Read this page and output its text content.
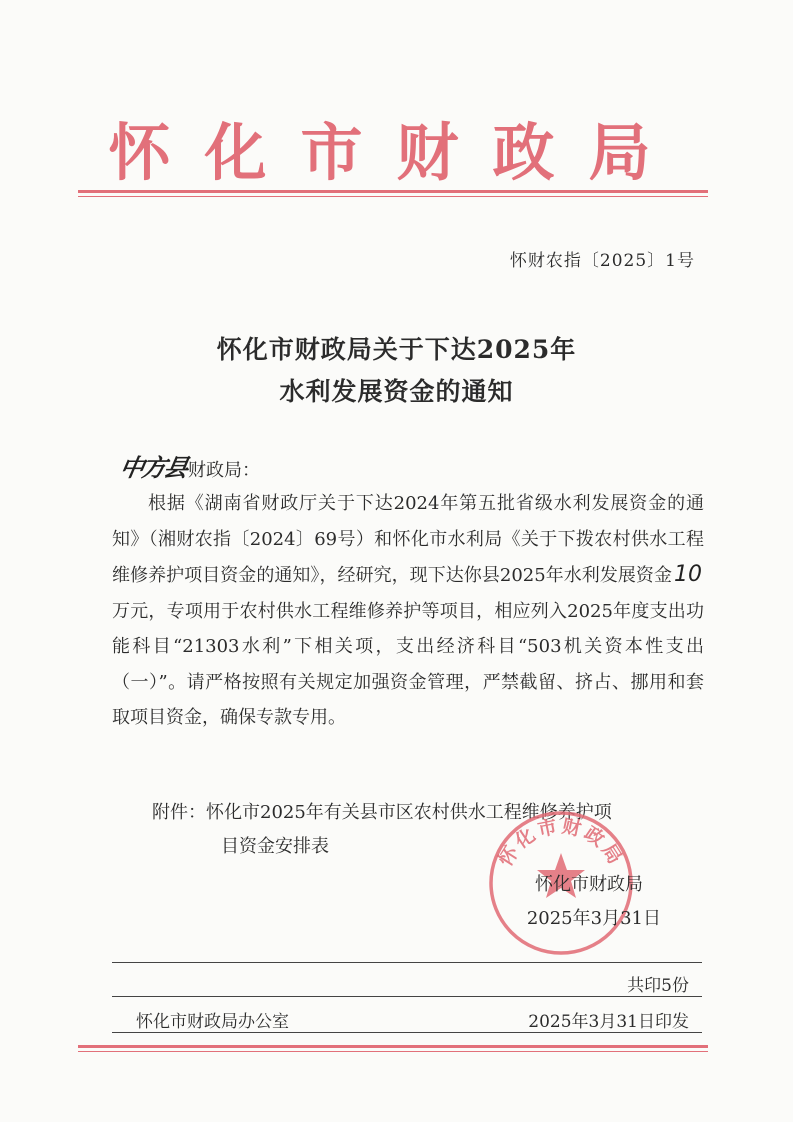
怀化市财政局
怀财农指〔2025〕1号
怀化市财政局关于下达2025年
水利发展资金的通知
中方县财政局：

根据《湖南省财政厅关于下达2024年第五批省级水利发展资金的通知》（湘财农指〔2024〕69号）和怀化市水利局《关于下拨农村供水工程维修养护项目资金的通知》，经研究，现下达你县2025年水利发展资金10万元，专项用于农村供水工程维修养护等项目，相应列入2025年度支出功能科目“21303水利”下相关项，支出经济科目“503机关资本性支出（一）”。请严格按照有关规定加强资金管理，严禁截留、挤占、挪用和套取项目资金，确保专款专用。

附件：怀化市2025年有关县市区农村供水工程维修养护项
目资金安排表	怀化市财政局
怀化市财政局
2025年3月31日
共印5份
怀化市财政局办公室	2025年3月31日印发
